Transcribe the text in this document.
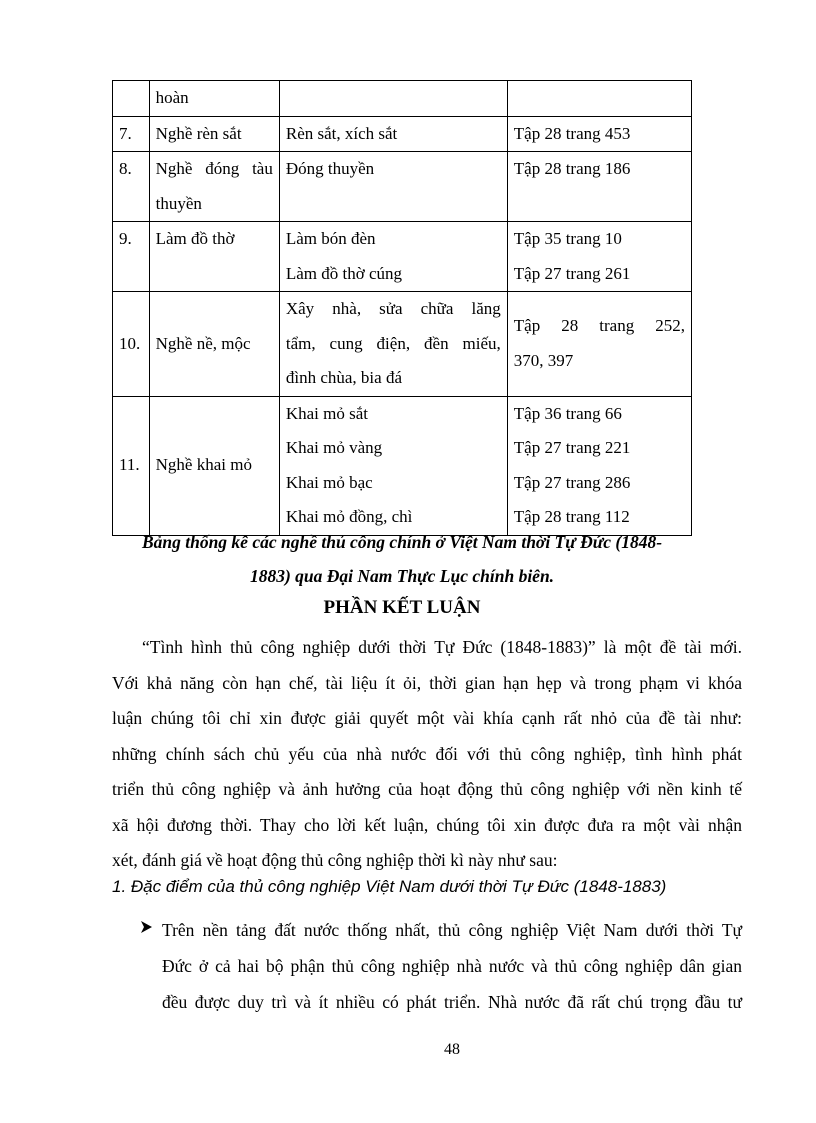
	hoàn		

7.	Nghề rèn sắt	Rèn sắt, xích sắt	Tập 28 trang 453

8.	Nghề đóng tàu
thuyền	Đóng thuyền	Tập 28 trang 186

9.	Làm đồ thờ	Làm bón đèn
Làm đồ thờ cúng	Tập 35 trang 10
Tập 27 trang 261

10.	Nghề nề, mộc	Xây nhà, sửa chữa lăng
tẩm, cung điện, đền miếu,
đình chùa, bia đá	Tập 28 trang 252,
370, 397

11.	Nghề khai mỏ	Khai mỏ sắt
Khai mỏ vàng
Khai mỏ bạc
Khai mỏ đồng, chì	Tập 36 trang 66
Tập 27 trang 221
Tập 27 trang 286
Tập 28 trang 112
Bảng thống kê các nghề thủ công chính ở Việt Nam thời Tự Đức (1848-
1883) qua Đại Nam Thực Lục chính biên.
PHẦN KẾT LUẬN
“Tình hình thủ công nghiệp dưới thời Tự Đức (1848-1883)” là một đề tài mới.
Với khả năng còn hạn chế, tài liệu ít ỏi, thời gian hạn hẹp và trong phạm vi khóa
luận chúng tôi chỉ xin được giải quyết một vài khía cạnh rất nhỏ của đề tài như:
những chính sách chủ yếu của nhà nước đối với thủ công nghiệp, tình hình phát
triển thủ công nghiệp và ảnh hưởng của hoạt động thủ công nghiệp với nền kinh tế
xã hội đương thời. Thay cho lời kết luận, chúng tôi xin được đưa ra một vài nhận
xét, đánh giá về hoạt động thủ công nghiệp thời kì này như sau:
1. Đặc điểm của thủ công nghiệp Việt Nam dưới thời Tự Đức (1848-1883)
Trên nền tảng đất nước thống nhất, thủ công nghiệp Việt Nam dưới thời Tự
Đức ở cả hai bộ phận thủ công nghiệp nhà nước và thủ công nghiệp dân gian
đều được duy trì và ít nhiều có phát triển. Nhà nước đã rất chú trọng đầu tư
48
